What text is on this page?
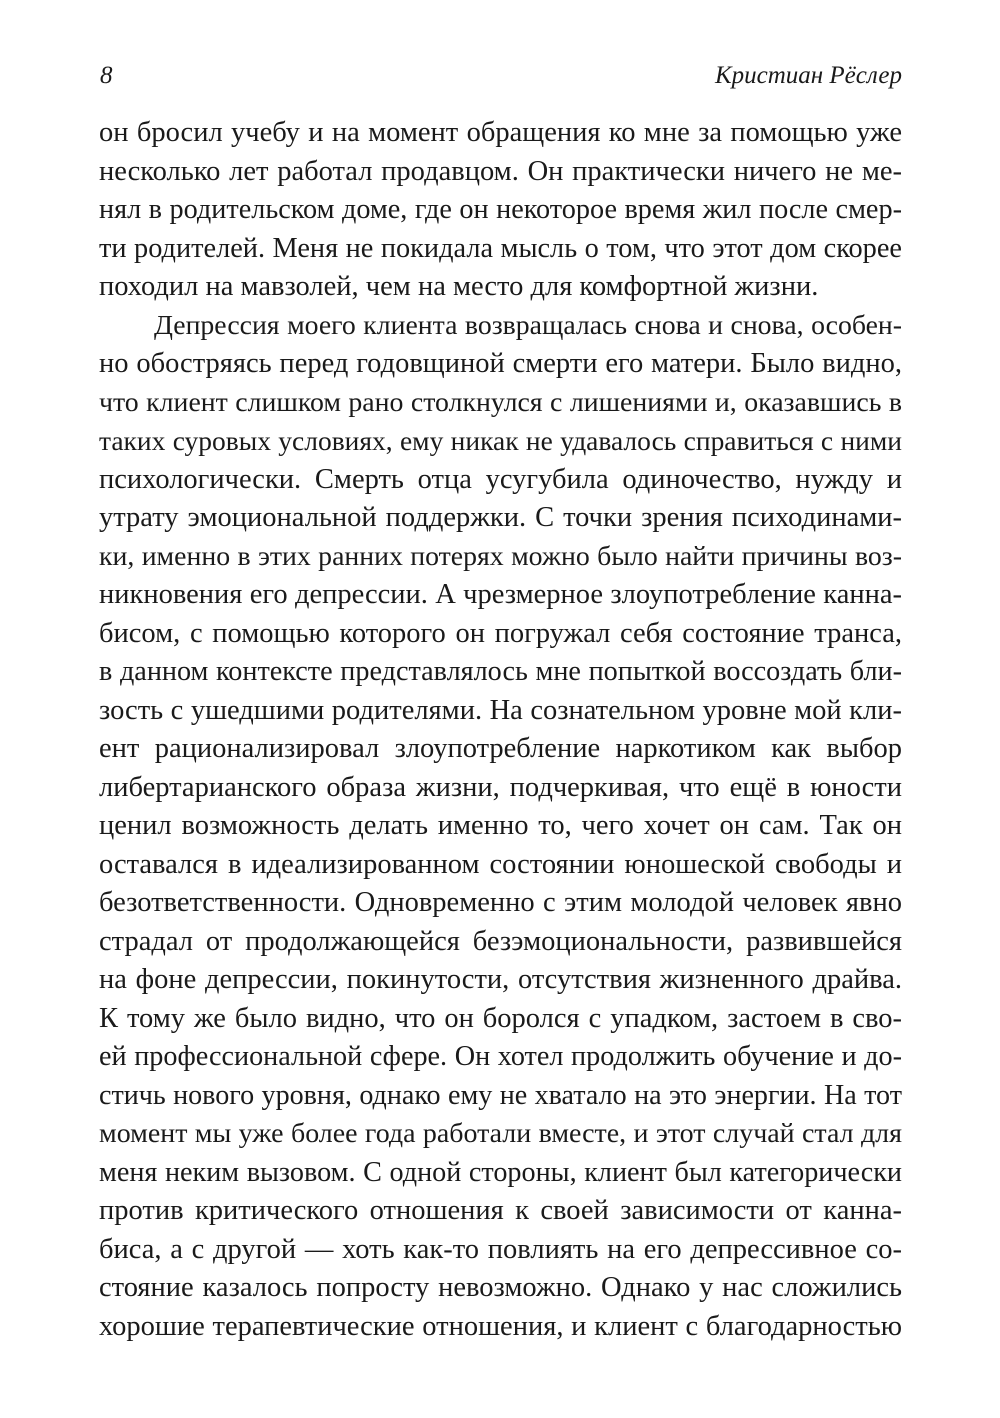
8	Кристиан Рёслер
он бросил учебу и на момент обращения ко мне за помощью уже
несколько лет работал продавцом. Он практически ничего не ме-
нял в родительском доме, где он некоторое время жил после смер-
ти родителей. Меня не покидала мысль о том, что этот дом скорее
походил на мавзолей, чем на место для комфортной жизни.
Депрессия моего клиента возвращалась снова и снова, особен-
но обостряясь перед годовщиной смерти его матери. Было видно,
что клиент слишком рано столкнулся с лишениями и, оказавшись в
таких суровых условиях, ему никак не удавалось справиться с ними
психологически. Смерть отца усугубила одиночество, нужду и
утрату эмоциональной поддержки. С точки зрения психодинами-
ки, именно в этих ранних потерях можно было найти причины воз-
никновения его депрессии. А чрезмерное злоупотребление канна-
бисом, с помощью которого он погружал себя состояние транса,
в данном контексте представлялось мне попыткой воссоздать бли-
зость с ушедшими родителями. На сознательном уровне мой кли-
ент рационализировал злоупотребление наркотиком как выбор
либертарианского образа жизни, подчеркивая, что ещё в юности
ценил возможность делать именно то, чего хочет он сам. Так он
оставался в идеализированном состоянии юношеской свободы и
безответственности. Одновременно с этим молодой человек явно
страдал от продолжающейся безэмоциональности, развившейся
на фоне депрессии, покинутости, отсутствия жизненного драйва.
К тому же было видно, что он боролся с упадком, застоем в сво-
ей профессиональной сфере. Он хотел продолжить обучение и до-
стичь нового уровня, однако ему не хватало на это энергии. На тот
момент мы уже более года работали вместе, и этот случай стал для
меня неким вызовом. С одной стороны, клиент был категорически
против критического отношения к своей зависимости от канна-
биса, а с другой — хоть как-то повлиять на его депрессивное со-
стояние казалось попросту невозможно. Однако у нас сложились
хорошие терапевтические отношения, и клиент с благодарностью
